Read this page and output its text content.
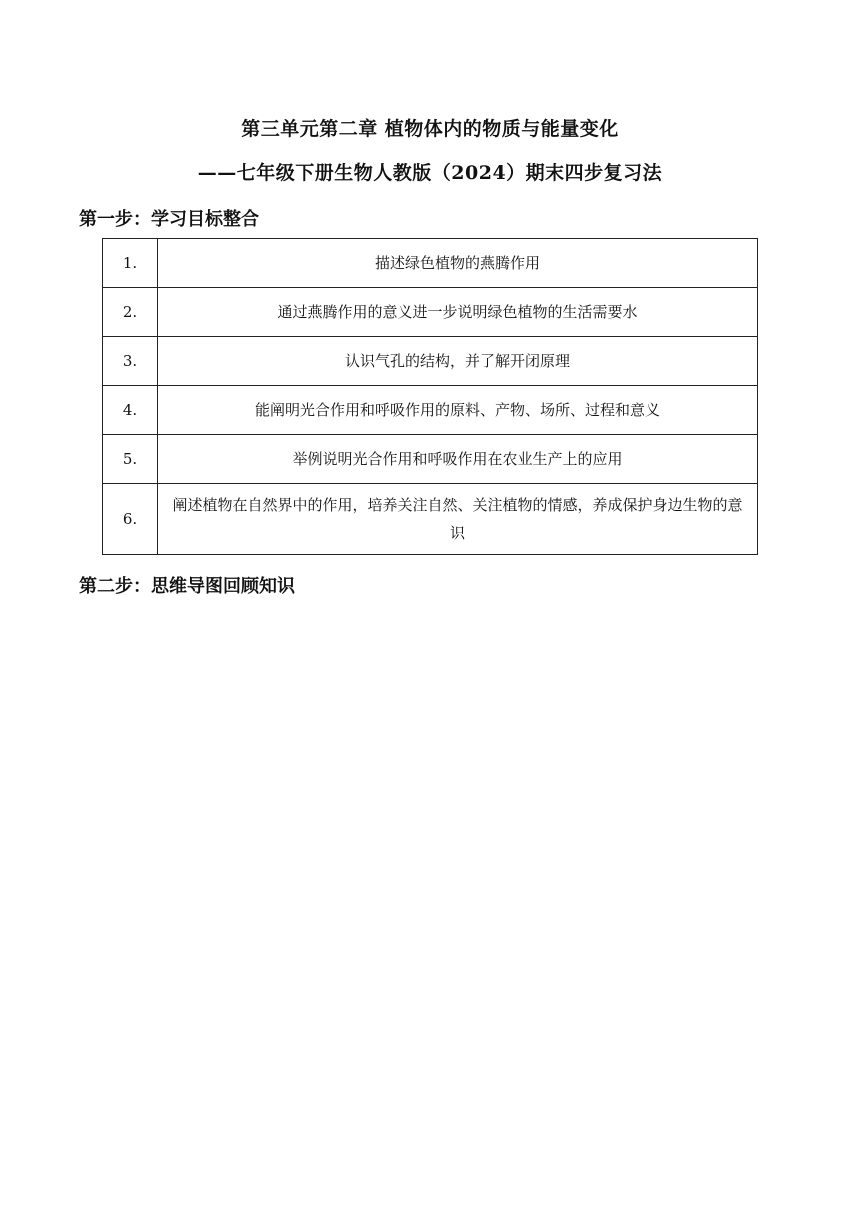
第三单元第二章 植物体内的物质与能量变化
——七年级下册生物人教版（2024）期末四步复习法
第一步：学习目标整合
1.	描述绿色植物的燕腾作用
2.	通过燕腾作用的意义进一步说明绿色植物的生活需要水
3.	认识气孔的结构，并了解开闭原理
4.	能阐明光合作用和呼吸作用的原料、产物、场所、过程和意义
5.	举例说明光合作用和呼吸作用在农业生产上的应用
6.	阐述植物在自然界中的作用，培养关注自然、关注植物的情感，养成保护身边生物的意识
第二步：思维导图回顾知识
